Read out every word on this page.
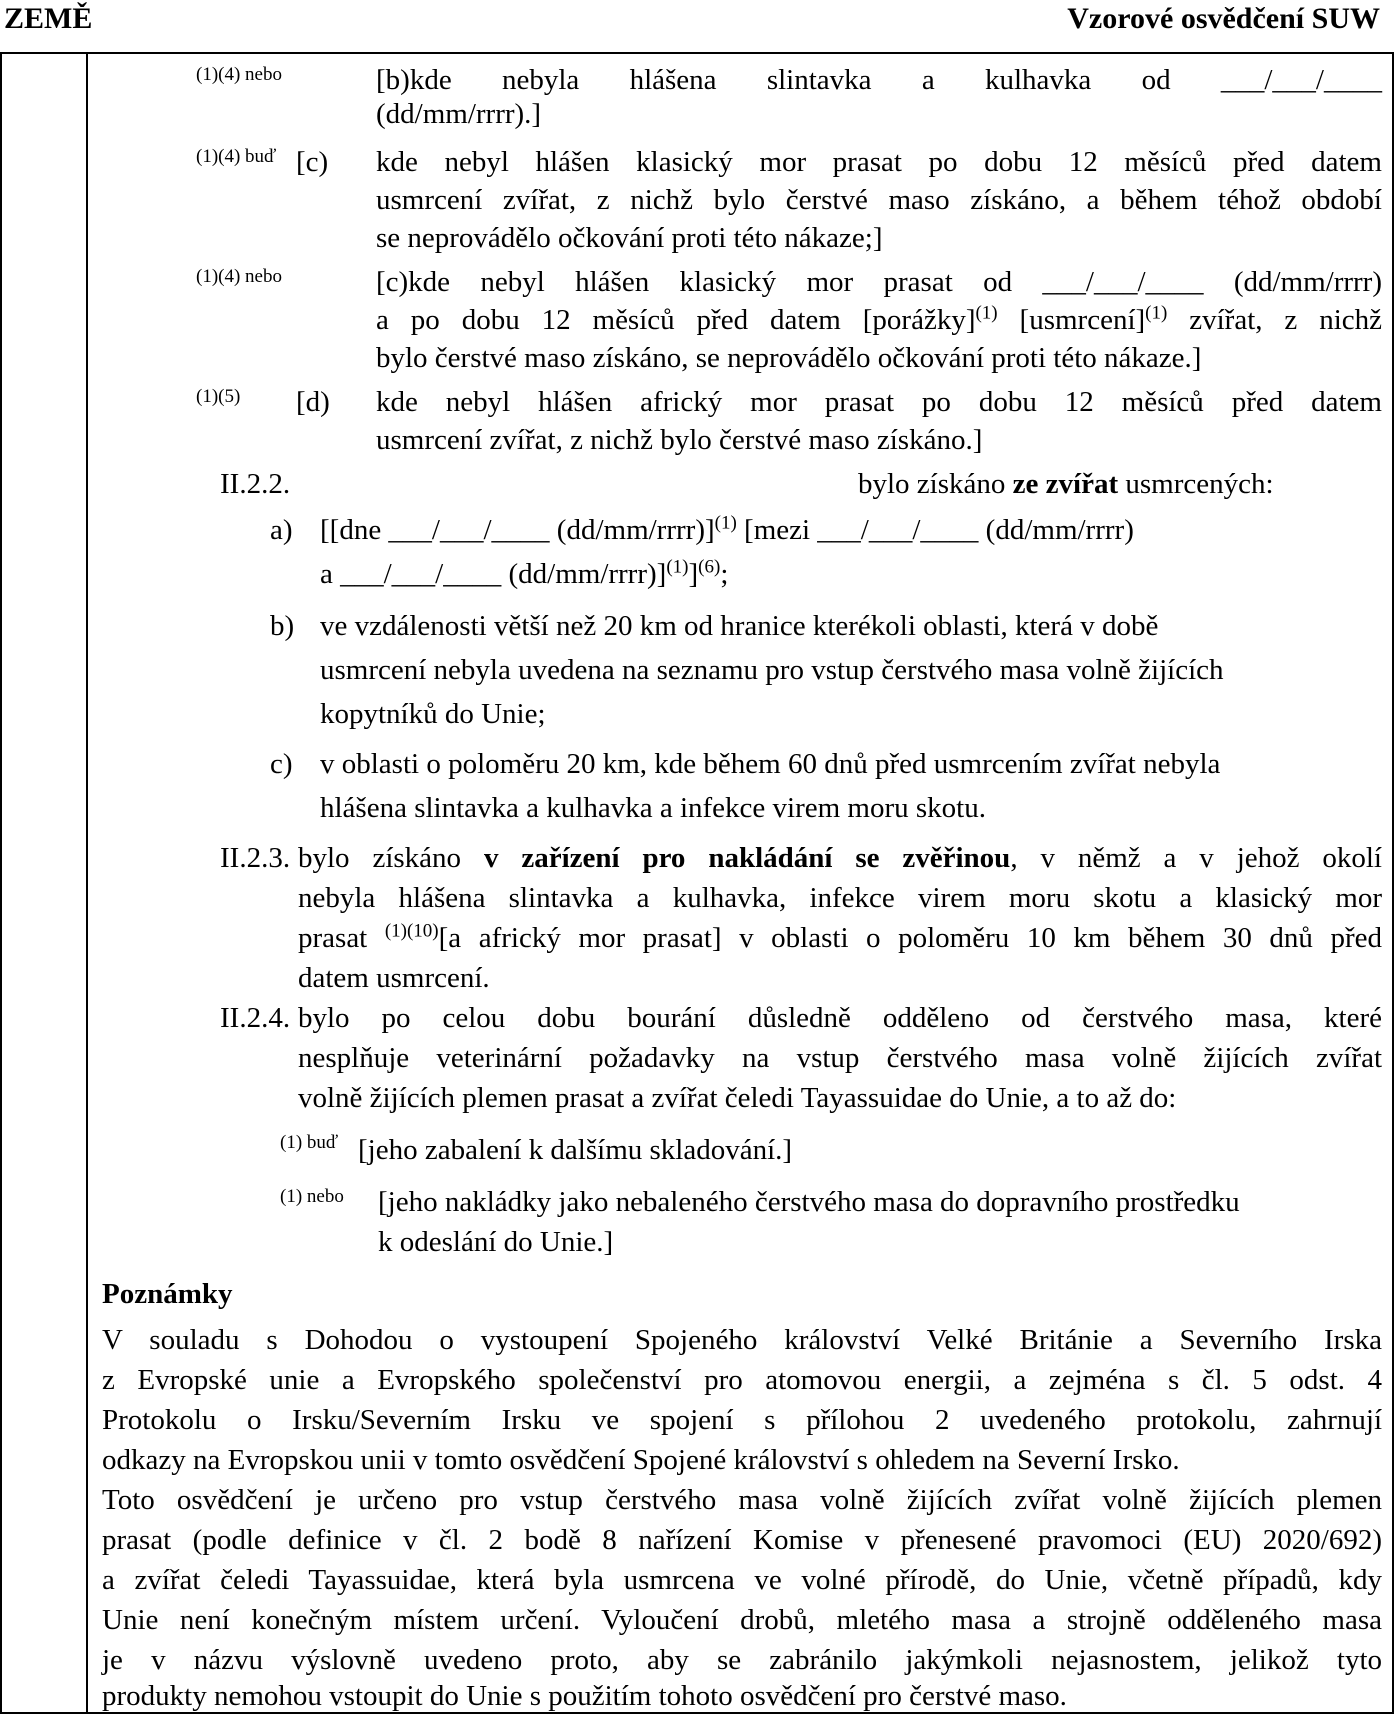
ZEMĚ	Vzorové osvědčení SUW
(1)(4) nebo	[b)kde nebyla hlášena slintavka a kulhavka od ___/___/____
(dd/mm/rrrr).]
(1)(4) buď [c) kde nebyl hlášen klasický mor prasat po dobu 12 měsíců před datem
usmrcení zvířat, z nichž bylo čerstvé maso získáno, a během téhož období
se neprovádělo očkování proti této nákaze;]
(1)(4) nebo	[c)kde nebyl hlášen klasický mor prasat od ___/___/____ (dd/mm/rrrr)
a po dobu 12 měsíců před datem [porážky]$^{(1)}$ [usmrcení]$^{(1)}$ zvířat, z nichž
bylo čerstvé maso získáno, se neprovádělo očkování proti této nákaze.]
(1)(5) [d) kde nebyl hlášen africký mor prasat po dobu 12 měsíců před datem
usmrcení zvířat, z nichž bylo čerstvé maso získáno.]
II.2.2.	bylo získáno ze zvířat usmrcených:
a) [[dne ___/___/____ (dd/mm/rrrr)]$^{(1)}$ [mezi ___/___/____ (dd/mm/rrrr)
a ___/___/____ (dd/mm/rrrr)]$^{(1)}$]$^{(6)}$;
b) ve vzdálenosti větší než 20 km od hranice kterékoli oblasti, která v době
usmrcení nebyla uvedena na seznamu pro vstup čerstvého masa volně žijících
kopytníků do Unie;
c) v oblasti o poloměru 20 km, kde během 60 dnů před usmrcením zvířat nebyla
hlášena slintavka a kulhavka a infekce virem moru skotu.
II.2.3. bylo získáno v zařízení pro nakládání se zvěřinou, v němž a v jehož okolí
nebyla hlášena slintavka a kulhavka, infekce virem moru skotu a klasický mor
prasat $^{(1)(10)}$[a africký mor prasat] v oblasti o poloměru 10 km během 30 dnů před
datem usmrcení.
II.2.4. bylo po celou dobu bourání důsledně odděleno od čerstvého masa, které
nesplňuje veterinární požadavky na vstup čerstvého masa volně žijících zvířat
volně žijících plemen prasat a zvířat čeledi Tayassuidae do Unie, a to až do:
(1) buď [jeho zabalení k dalšímu skladování.]
(1) nebo [jeho nakládky jako nebaleného čerstvého masa do dopravního prostředku
k odeslání do Unie.]
Poznámky
V souladu s Dohodou o vystoupení Spojeného království Velké Británie a Severního Irska
z Evropské unie a Evropského společenství pro atomovou energii, a zejména s čl. 5 odst. 4
Protokolu o Irsku/Severním Irsku ve spojení s přílohou 2 uvedeného protokolu, zahrnují
odkazy na Evropskou unii v tomto osvědčení Spojené království s ohledem na Severní Irsko.
Toto osvědčení je určeno pro vstup čerstvého masa volně žijících zvířat volně žijících plemen
prasat (podle definice v čl. 2 bodě 8 nařízení Komise v přenesené pravomoci (EU) 2020/692)
a zvířat čeledi Tayassuidae, která byla usmrcena ve volné přírodě, do Unie, včetně případů, kdy
Unie není konečným místem určení. Vyloučení drobů, mletého masa a strojně odděleného masa
je v názvu výslovně uvedeno proto, aby se zabránilo jakýmkoli nejasnostem, jelikož tyto
produkty nemohou vstoupit do Unie s použitím tohoto osvědčení pro čerstvé maso.
